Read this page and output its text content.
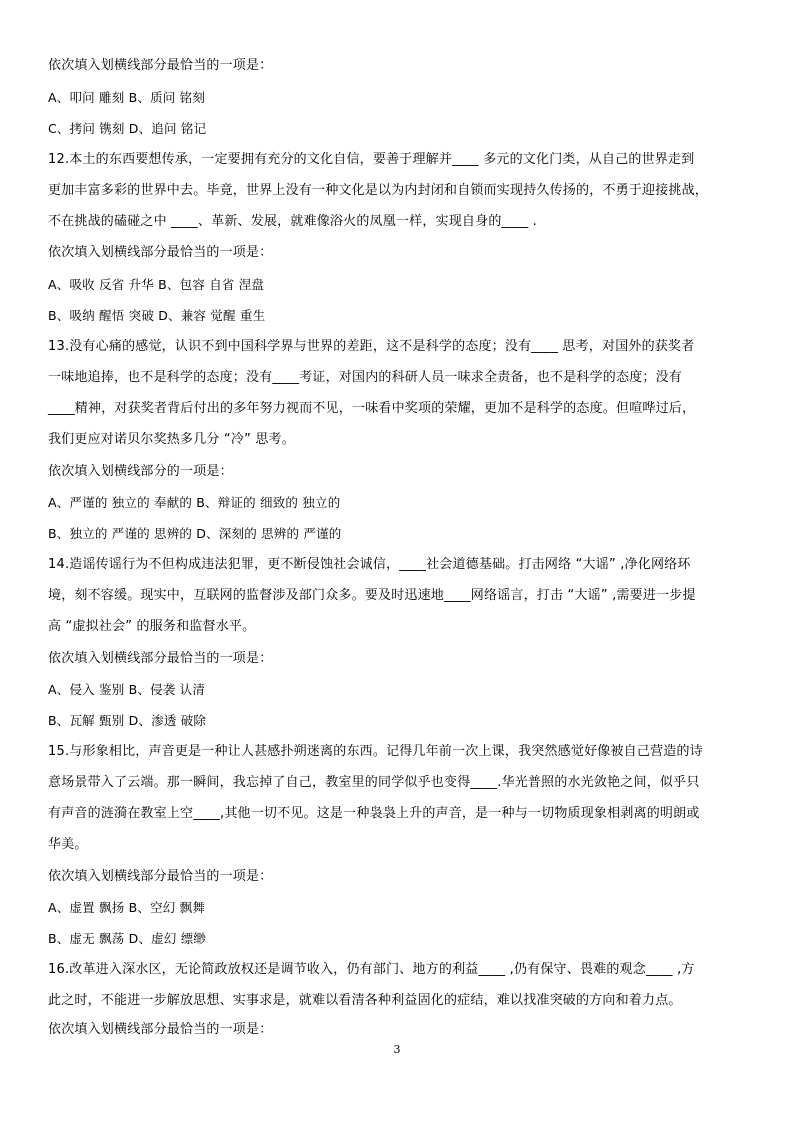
依次填入划横线部分最恰当的一项是：
A、叩问 雕刻 B、质问 铭刻
C、拷问 镌刻 D、追问 铭记
12.本土的东西要想传承，一定要拥有充分的文化自信，要善于理解并____ 多元的文化门类，从自己的世界走到
更加丰富多彩的世界中去。毕竟，世界上没有一种文化是以为内封闭和自锁而实现持久传扬的，不勇于迎接挑战，
不在挑战的磕碰之中 ____、革新、发展，就难像浴火的凤凰一样，实现自身的____ .
依次填入划横线部分最恰当的一项是：
A、吸收 反省 升华 B、包容 自省 涅盘
B、吸纳 醒悟 突破 D、兼容 觉醒 重生
13.没有心痛的感觉，认识不到中国科学界与世界的差距，这不是科学的态度；没有____ 思考，对国外的获奖者
一味地追捧，也不是科学的态度；没有____考证，对国内的科研人员一味求全责备，也不是科学的态度；没有
____精神，对获奖者背后付出的多年努力视而不见，一味看中奖项的荣耀，更加不是科学的态度。但喧哗过后，
我们更应对诺贝尔奖热多几分 “冷” 思考。
依次填入划横线部分的一项是：
A、严谨的 独立的 奉献的 B、辩证的 细致的 独立的
B、独立的 严谨的 思辨的 D、深刻的 思辨的 严谨的
14.造谣传谣行为不但构成违法犯罪，更不断侵蚀社会诚信，____社会道德基础。打击网络 “大谣” ,净化网络环
境，刻不容缓。现实中，互联网的监督涉及部门众多。要及时迅速地____网络谣言，打击 “大谣” ,需要进一步提
高 “虚拟社会” 的服务和监督水平。
依次填入划横线部分最恰当的一项是：
A、侵入 鉴别 B、侵袭 认清
B、瓦解 甄别 D、渗透 破除
15.与形象相比，声音更是一种让人甚感扑朔迷离的东西。记得几年前一次上课，我突然感觉好像被自己营造的诗
意场景带入了云端。那一瞬间，我忘掉了自己，教室里的同学似乎也变得____.华光普照的水光敛艳之间，似乎只
有声音的涟漪在教室上空____,其他一切不见。这是一种袅袅上升的声音，是一种与一切物质现象相剥离的明朗或
华美。
依次填入划横线部分最恰当的一项是：
A、虚置 飘扬 B、空幻 飘舞
B、虚无 飘荡 D、虚幻 缥缈
16.改革进入深水区，无论简政放权还是调节收入，仍有部门、地方的利益____ ,仍有保守、畏难的观念____ ,方
此之时，不能进一步解放思想、实事求是，就难以看清各种利益固化的症结，难以找准突破的方向和着力点。
依次填入划横线部分最恰当的一项是：
3
